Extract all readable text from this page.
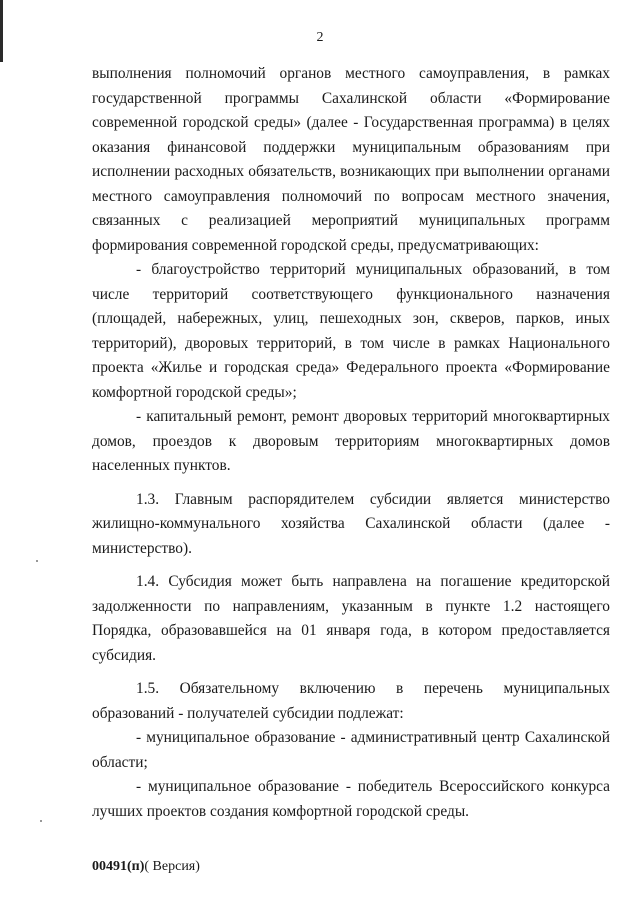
2

выполнения полномочий органов местного самоуправления, в рамках государственной программы Сахалинской области «Формирование современной городской среды» (далее - Государственная программа) в целях оказания финансовой поддержки муниципальным образованиям при исполнении расходных обязательств, возникающих при выполнении органами местного самоуправления полномочий по вопросам местного значения, связанных с реализацией мероприятий муниципальных программ формирования современной городской среды, предусматривающих:

- благоустройство территорий муниципальных образований, в том числе территорий соответствующего функционального назначения (площадей, набережных, улиц, пешеходных зон, скверов, парков, иных территорий), дворовых территорий, в том числе в рамках Национального проекта «Жилье и городская среда» Федерального проекта «Формирование комфортной городской среды»;

- капитальный ремонт, ремонт дворовых территорий многоквартирных домов, проездов к дворовым территориям многоквартирных домов населенных пунктов.

1.3. Главным распорядителем субсидии является министерство жилищно-коммунального хозяйства Сахалинской области (далее - министерство).

1.4. Субсидия может быть направлена на погашение кредиторской задолженности по направлениям, указанным в пункте 1.2 настоящего Порядка, образовавшейся на 01 января года, в котором предоставляется субсидия.

1.5. Обязательному включению в перечень муниципальных образований - получателей субсидии подлежат:

- муниципальное образование - административный центр Сахалинской области;

- муниципальное образование - победитель Всероссийского конкурса лучших проектов создания комфортной городской среды.

00491(п)( Версия)
